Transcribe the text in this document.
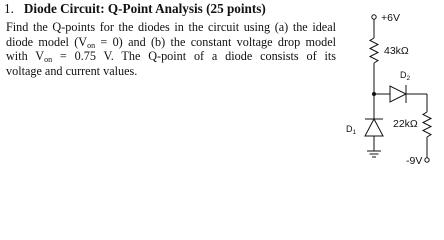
1. Diode Circuit: Q-Point Analysis (25 points)
Find the Q-points for the diodes in the circuit using (a) the ideal
diode model $(V_{on} = 0)$ and (b) the constant voltage drop model
with $V_{on} = 0.75$ V. The Q-point of a diode consists of its
voltage and current values.
+6V
43kΩ
$D_2$
22kΩ
$D_1$
-9V
